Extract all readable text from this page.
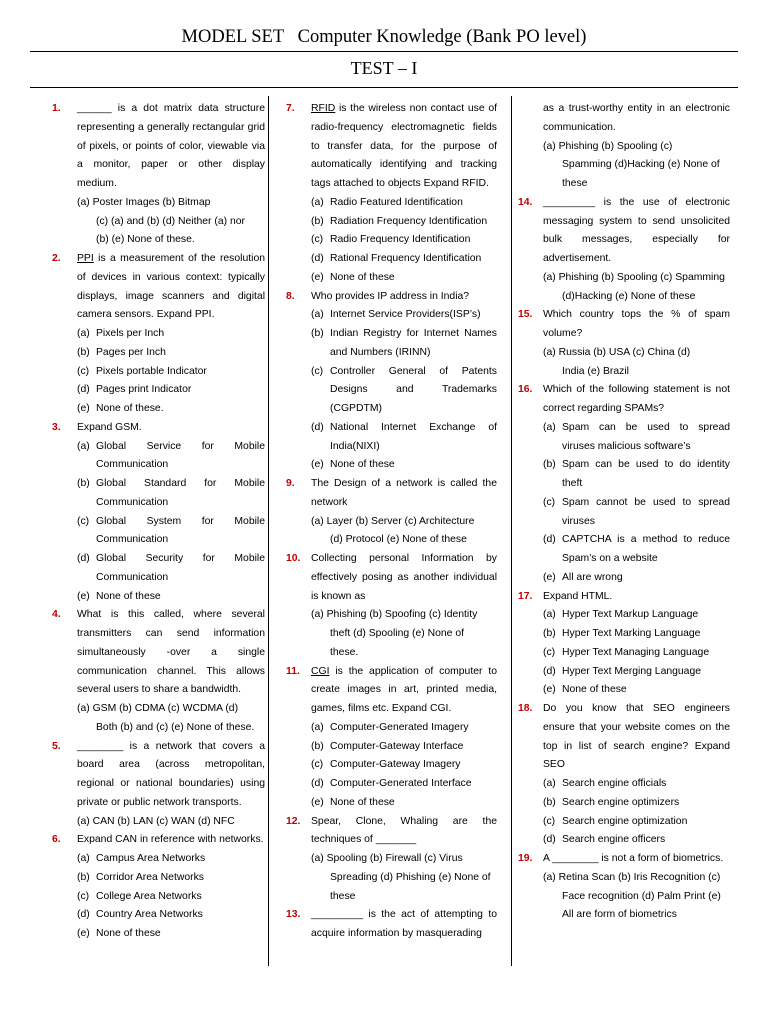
MODEL SET   Computer Knowledge (Bank PO level)
TEST – I
1. ______ is a dot matrix data structure representing a generally rectangular grid of pixels, or points of color, viewable via a monitor, paper or other display medium.
(a) Poster Images (b) Bitmap
(c) (a) and (b) (d) Neither (a) nor
(b) (e) None of these.
2. PPI is a measurement of the resolution of devices in various context: typically displays, image scanners and digital camera sensors. Expand PPI.
(a) Pixels per Inch
(b) Pages per Inch
(c) Pixels portable Indicator
(d) Pages print Indicator
(e) None of these.
3. Expand GSM.
(a) Global Service for Mobile Communication
(b) Global Standard for Mobile Communication
(c) Global System for Mobile Communication
(d) Global Security for Mobile Communication
(e) None of these
4. What is this called, where several transmitters can send information simultaneously -over a single communication channel. This allows several users to share a bandwidth.
(a) GSM (b) CDMA (c) WCDMA (d)
Both (b) and (c) (e) None of these.
5. ________ is a network that covers a board area (across metropolitan, regional or national boundaries) using private or public network transports.
(a) CAN (b) LAN (c) WAN (d) NFC
6. Expand CAN in reference with networks.
(a) Campus Area Networks
(b) Corridor Area Networks
(c) College Area Networks
(d) Country Area Networks
(e) None of these
7. RFID is the wireless non contact use of radio-frequency electromagnetic fields to transfer data, for the purpose of automatically identifying and tracking tags attached to objects Expand RFID.
(a) Radio Featured Identification
(b) Radiation Frequency Identification
(c) Radio Frequency Identification
(d) Rational Frequency Identification
(e) None of these
8. Who provides IP address in India?
(a) Internet Service Providers(ISP’s)
(b) Indian Registry for Internet Names and Numbers (IRINN)
(c) Controller General of Patents Designs and Trademarks (CGPDTM)
(d) National Internet Exchange of India(NIXI)
(e) None of these
9. The Design of a network is called the network
(a) Layer (b) Server (c) Architecture
(d) Protocol (e) None of these
10. Collecting personal Information by effectively posing as another individual is known as
(a) Phishing (b) Spoofing (c) Identity
theft (d) Spooling (e) None of
these.
11. CGI is the application of computer to create images in art, printed media, games, films etc. Expand CGI.
(a) Computer-Generated Imagery
(b) Computer-Gateway Interface
(c) Computer-Gateway Imagery
(d) Computer-Generated Interface
(e) None of these
12. Spear, Clone, Whaling are the techniques of _______
(a) Spooling (b) Firewall (c) Virus
Spreading (d) Phishing (e) None of
these
13. _________ is the act of attempting to acquire information by masquerading
as a trust-worthy entity in an electronic communication.
(a) Phishing (b) Spooling (c)
Spamming (d)Hacking (e) None of
these
14. _________ is the use of electronic messaging system to send unsolicited bulk messages, especially for advertisement.
(a) Phishing (b) Spooling (c) Spamming
(d)Hacking (e) None of these
15. Which country tops the % of spam volume?
(a) Russia (b) USA (c) China (d)
India (e) Brazil
16. Which of the following statement is not correct regarding SPAMs?
(a) Spam can be used to spread viruses malicious software’s
(b) Spam can be used to do identity theft
(c) Spam cannot be used to spread viruses
(d) CAPTCHA is a method to reduce Spam’s on a website
(e) All are wrong
17. Expand HTML.
(a) Hyper Text Markup Language
(b) Hyper Text Marking Language
(c) Hyper Text Managing Language
(d) Hyper Text Merging Language
(e) None of these
18. Do you know that SEO engineers ensure that your website comes on the top in list of search engine? Expand SEO
(a) Search engine officials
(b) Search engine optimizers
(c) Search engine optimization
(d) Search engine officers
19. A ________ is not a form of biometrics.
(a) Retina Scan (b) Iris Recognition (c)
Face recognition (d) Palm Print (e)
All are form of biometrics
